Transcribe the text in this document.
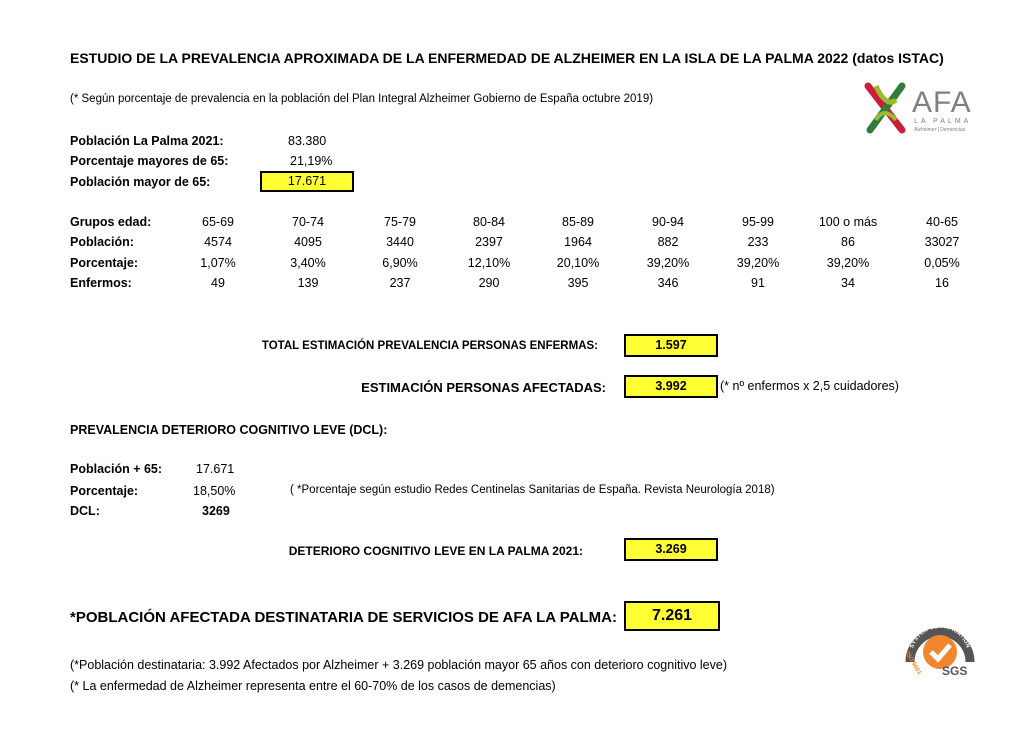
ESTUDIO DE LA PREVALENCIA APROXIMADA DE LA ENFERMEDAD DE ALZHEIMER EN LA ISLA DE LA PALMA 2022 (datos ISTAC)
(* Según porcentaje de prevalencia en la población del Plan Integral Alzheimer Gobierno de España octubre 2019)	AFA
LA PALMA
Alzheimer | Demencias
Población La Palma 2021:	83.380
Porcentaje mayores de 65:	21,19%
Población mayor de 65:	17.671
Grupos edad:	65-69	70-74	75-79	80-84	85-89	90-94	95-99	100 o más	40-65
Población:	4574	4095	3440	2397	1964	882	233	86	33027
Porcentaje:	1,07%	3,40%	6,90%	12,10%	20,10%	39,20%	39,20%	39,20%	0,05%
Enfermos:	49	139	237	290	395	346	91	34	16
TOTAL ESTIMACIÓN PREVALENCIA PERSONAS ENFERMAS:	1.597
ESTIMACIÓN PERSONAS AFECTADAS:	3.992	(* nº enfermos x 2,5 cuidadores)
PREVALENCIA DETERIORO COGNITIVO LEVE (DCL):
Población + 65:	17.671
Porcentaje:	18,50%
DCL:	3269
( *Porcentaje según estudio Redes Centinelas Sanitarias de España. Revista Neurología 2018)
DETERIORO COGNITIVO LEVE EN LA PALMA 2021:	3.269
*POBLACIÓN AFECTADA DESTINATARIA DE SERVICIOS DE AFA LA PALMA:	7.261
(*Población destinataria: 3.992 Afectados por Alzheimer + 3.269 población mayor 65 años con deterioro cognitivo leve)
(* La enfermedad de Alzheimer representa entre el 60-70% de los casos de demencias)
SYSTEM CERTIFICATION
ISO 9001 SGS
